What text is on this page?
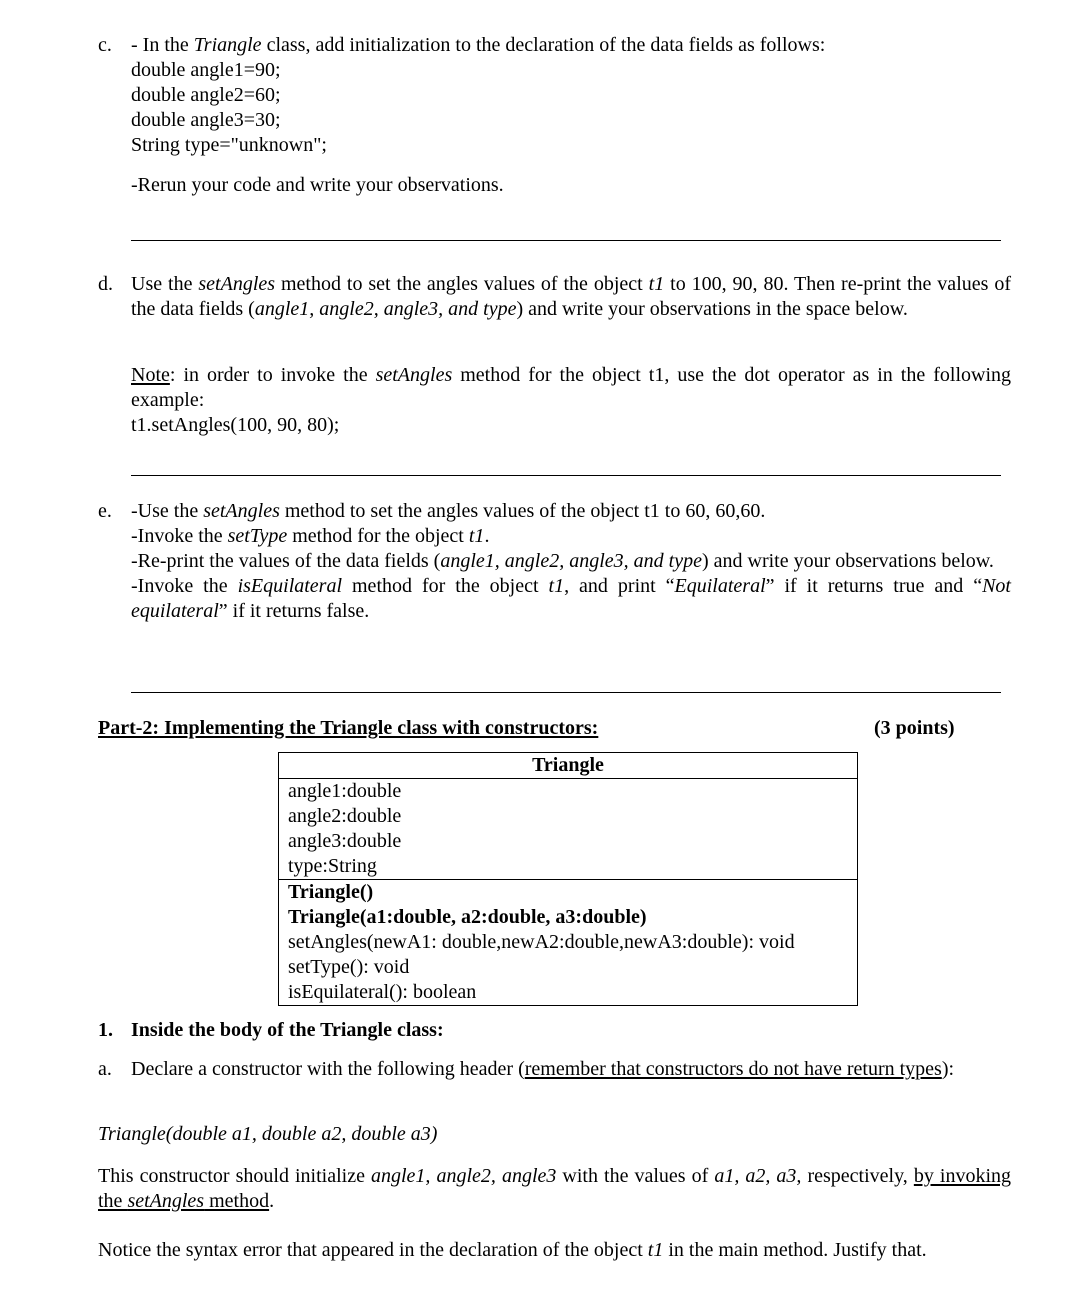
c. - In the Triangle class, add initialization to the declaration of the data fields as follows:
double angle1=90;
double angle2=60;
double angle3=30;
String type="unknown";
-Rerun your code and write your observations.
d. Use the setAngles method to set the angles values of the object t1 to 100, 90, 80. Then re-print the values of the data fields (angle1, angle2, angle3, and type) and write your observations in the space below.
Note: in order to invoke the setAngles method for the object t1, use the dot operator as in the following example:
t1.setAngles(100, 90, 80);
e. -Use the setAngles method to set the angles values of the object t1 to 60, 60,60.
-Invoke the setType method for the object t1.
-Re-print the values of the data fields (angle1, angle2, angle3, and type) and write your observations below.
-Invoke the isEquilateral method for the object t1, and print “Equilateral” if it returns true and “Not equilateral” if it returns false.
Part-2: Implementing the Triangle class with constructors:	(3 points)
Triangle

angle1:double
angle2:double
angle3:double
type:String

Triangle()
Triangle(a1:double, a2:double, a3:double)
setAngles(newA1: double,newA2:double,newA3:double): void
setType(): void
isEquilateral(): boolean
1. Inside the body of the Triangle class:
a. Declare a constructor with the following header (remember that constructors do not have return types):
Triangle(double a1, double a2, double a3)
This constructor should initialize angle1, angle2, angle3 with the values of a1, a2, a3, respectively, by invoking the setAngles method.
Notice the syntax error that appeared in the declaration of the object t1 in the main method. Justify that.
